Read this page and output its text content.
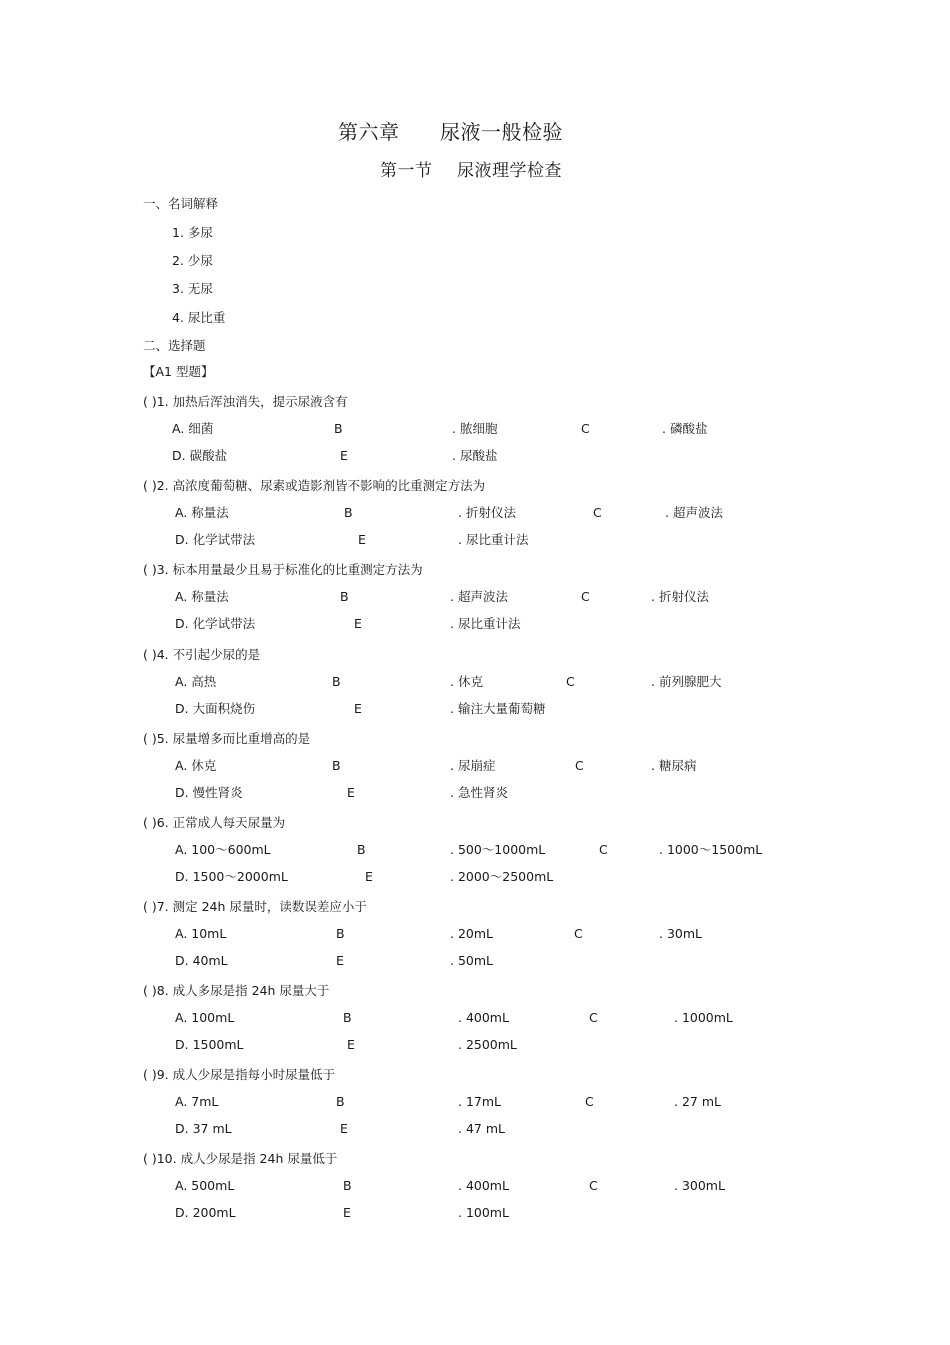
第六章 尿液一般检验
第一节 尿液理学检查
一、名词解释
1. 多尿
2. 少尿
3. 无尿
4. 尿比重
二、选择题
【A1 型题】
( )1. 加热后浑浊消失，提示尿液含有
A. 细菌	B	. 脓细胞	C	. 磷酸盐
D. 碳酸盐	E	. 尿酸盐
( )2. 高浓度葡萄糖、尿素或造影剂皆不影响的比重测定方法为
A. 称量法	B	. 折射仪法	C	. 超声波法
D. 化学试带法	E	. 尿比重计法
( )3. 标本用量最少且易于标准化的比重测定方法为
A. 称量法	B	. 超声波法	C	. 折射仪法
D. 化学试带法	E	. 尿比重计法
( )4. 不引起少尿的是
A. 高热	B	. 休克	C	. 前列腺肥大
D. 大面积烧伤	E	. 输注大量葡萄糖
( )5. 尿量增多而比重增高的是
A. 休克	B	. 尿崩症	C	. 糖尿病
D. 慢性肾炎	E	. 急性肾炎
( )6. 正常成人每天尿量为
A. 100～600mL	B	. 500～1000mL	C	. 1000～1500mL
D. 1500～2000mL	E	. 2000～2500mL
( )7. 测定 24h 尿量时，读数误差应小于
A. 10mL	B	. 20mL	C	. 30mL
D. 40mL	E	. 50mL
( )8. 成人多尿是指 24h 尿量大于
A. 100mL	B	. 400mL	C	. 1000mL
D. 1500mL	E	. 2500mL
( )9. 成人少尿是指每小时尿量低于
A. 7mL	B	. 17mL	C	. 27 mL
D. 37 mL	E	. 47 mL
( )10. 成人少尿是指 24h 尿量低于
A. 500mL	B	. 400mL	C	. 300mL
D. 200mL	E	. 100mL
